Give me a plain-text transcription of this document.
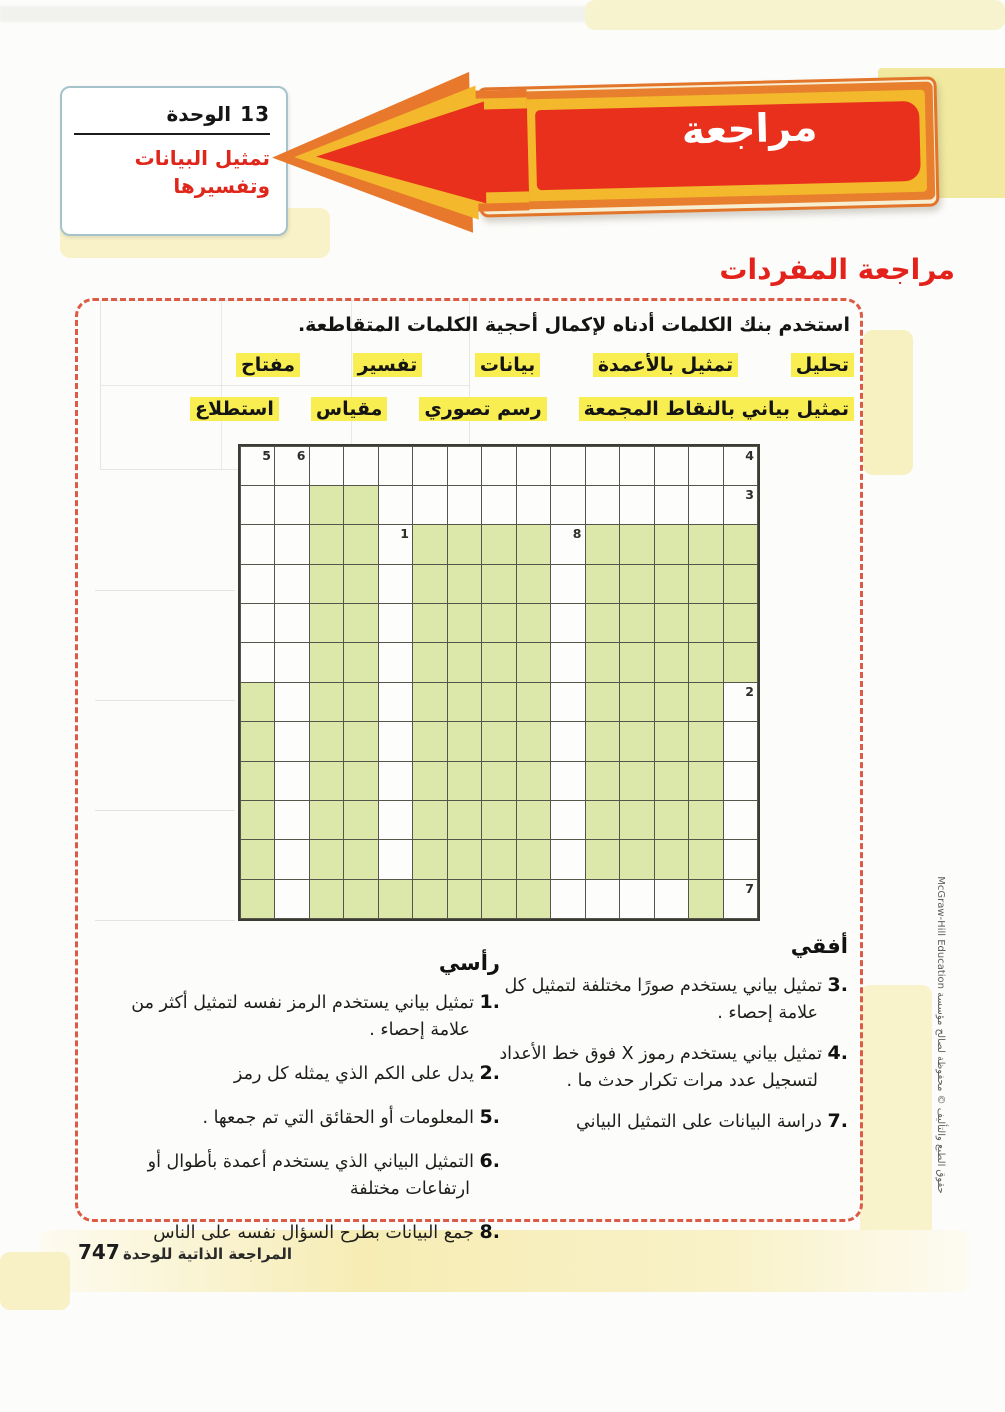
الوحدة 13
تمثيل البيانات
وتفسيرها
مراجعة
مراجعة المفردات
استخدم بنك الكلمات أدناه لإكمال أحجية الكلمات المتقاطعة.
تحليل
تمثيل بالأعمدة
بيانات
تفسير
مفتاح
تمثيل بياني بالنقاط المجمعة
رسم تصوري
مقياس
استطلاع
5 6	4
3
1	8
2
7
أفقي

3. تمثيل بياني يستخدم صورًا مختلفة لتمثيل كل علامة إحصاء .

4. تمثيل بياني يستخدم رموز X فوق خط الأعداد لتسجيل عدد مرات تكرار حدث ما .

7. دراسة البيانات على التمثيل البياني

رأسي

1. تمثيل بياني يستخدم الرمز نفسه لتمثيل أكثر من علامة إحصاء .

2. يدل على الكم الذي يمثله كل رمز

5. المعلومات أو الحقائق التي تم جمعها .

6. التمثيل البياني الذي يستخدم أعمدة بأطوال أو ارتفاعات مختلفة

8. جمع البيانات بطرح السؤال نفسه على الناس

المراجعة الذاتية للوحدة
747
حقوق الطبع والتأليف © محفوظة لصالح مؤسسة McGraw-Hill Education
